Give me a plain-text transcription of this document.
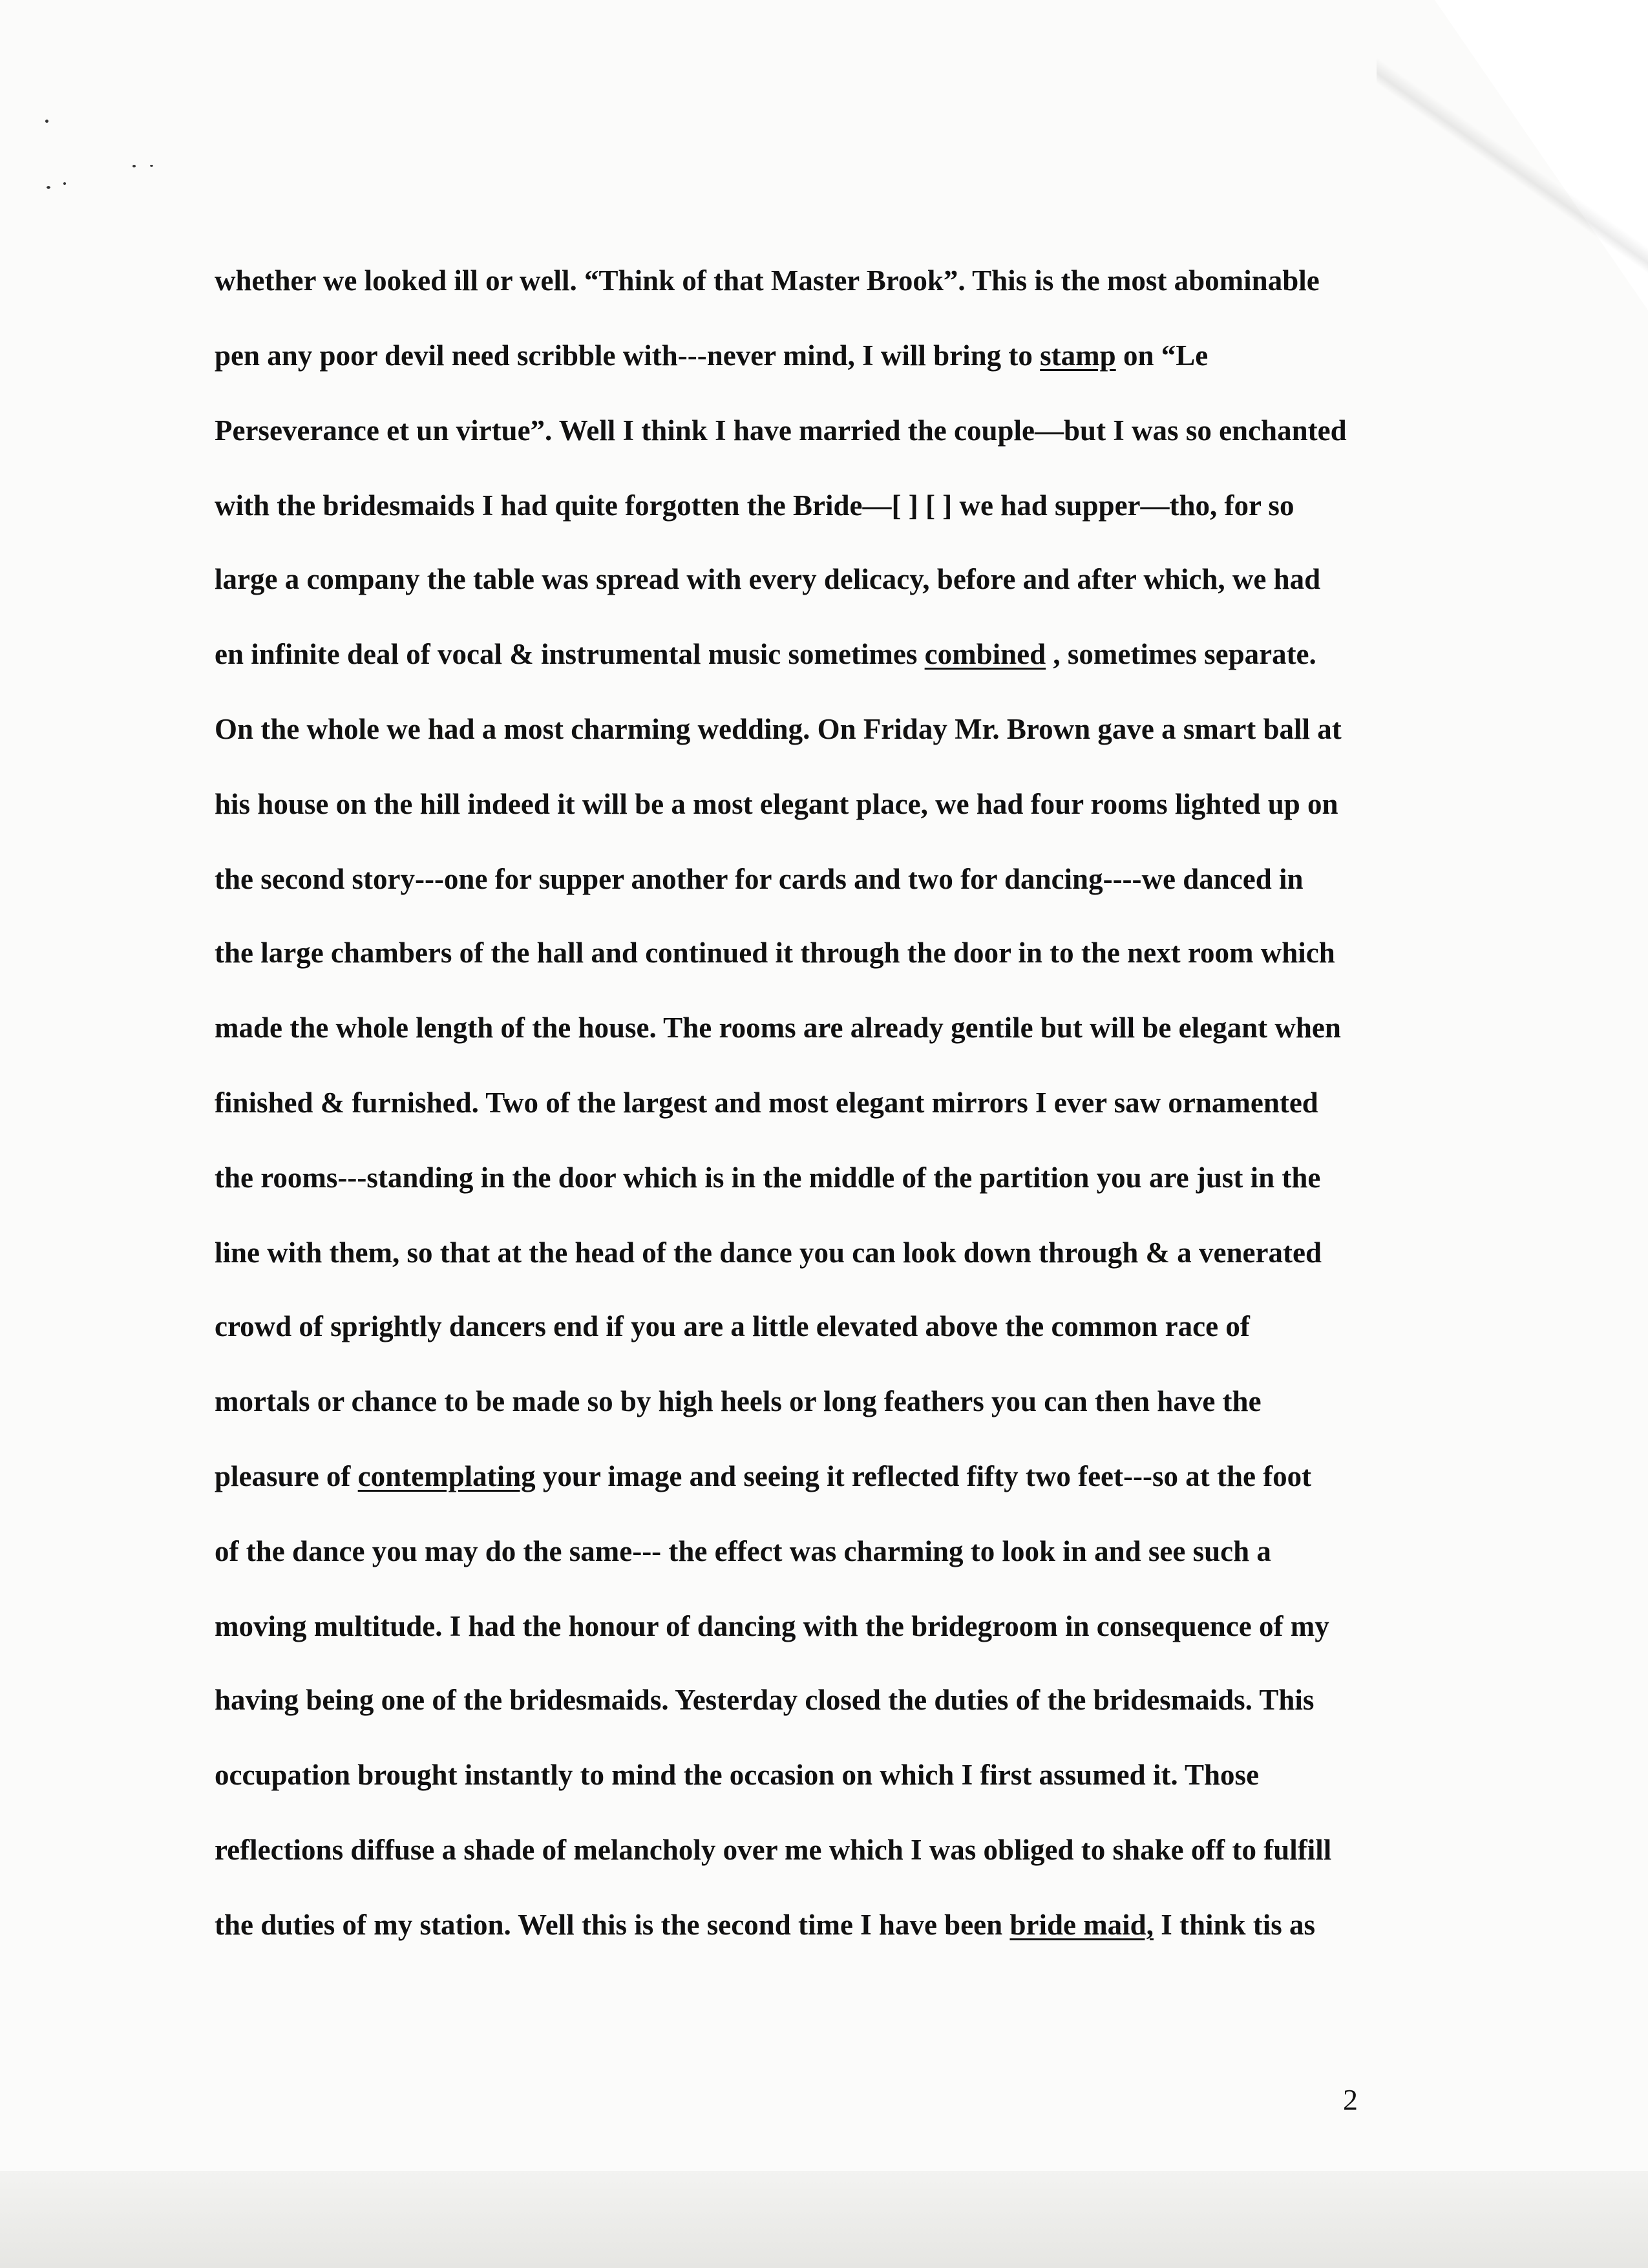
whether we looked ill or well. “Think of that Master Brook”. This is the most abominable
pen any poor devil need scribble with---never mind, I will bring to stamp on “Le
Perseverance et un virtue”. Well I think I have married the couple—but I was so enchanted
with the bridesmaids I had quite forgotten the Bride—[ ] [ ] we had supper—tho, for so
large a company the table was spread with every delicacy, before and after which, we had
en infinite deal of vocal & instrumental music sometimes combined , sometimes separate.
On the whole we had a most charming wedding. On Friday Mr. Brown gave a smart ball at
his house on the hill indeed it will be a most elegant place, we had four rooms lighted up on
the second story---one for supper another for cards and two for dancing----we danced in
the large chambers of the hall and continued it through the door in to the next room which
made the whole length of the house. The rooms are already gentile but will be elegant when
finished & furnished. Two of the largest and most elegant mirrors I ever saw ornamented
the rooms---standing in the door which is in the middle of the partition you are just in the
line with them, so that at the head of the dance you can look down through & a venerated
crowd of sprightly dancers end if you are a little elevated above the common race of
mortals or chance to be made so by high heels or long feathers you can then have the
pleasure of contemplating your image and seeing it reflected fifty two feet---so at the foot
of the dance you may do the same--- the effect was charming to look in and see such a
moving multitude. I had the honour of dancing with the bridegroom in consequence of my
having being one of the bridesmaids. Yesterday closed the duties of the bridesmaids. This
occupation brought instantly to mind the occasion on which I first assumed it. Those
reflections diffuse a shade of melancholy over me which I was obliged to shake off to fulfill
the duties of my station. Well this is the second time I have been bride maid, I think tis as
2
